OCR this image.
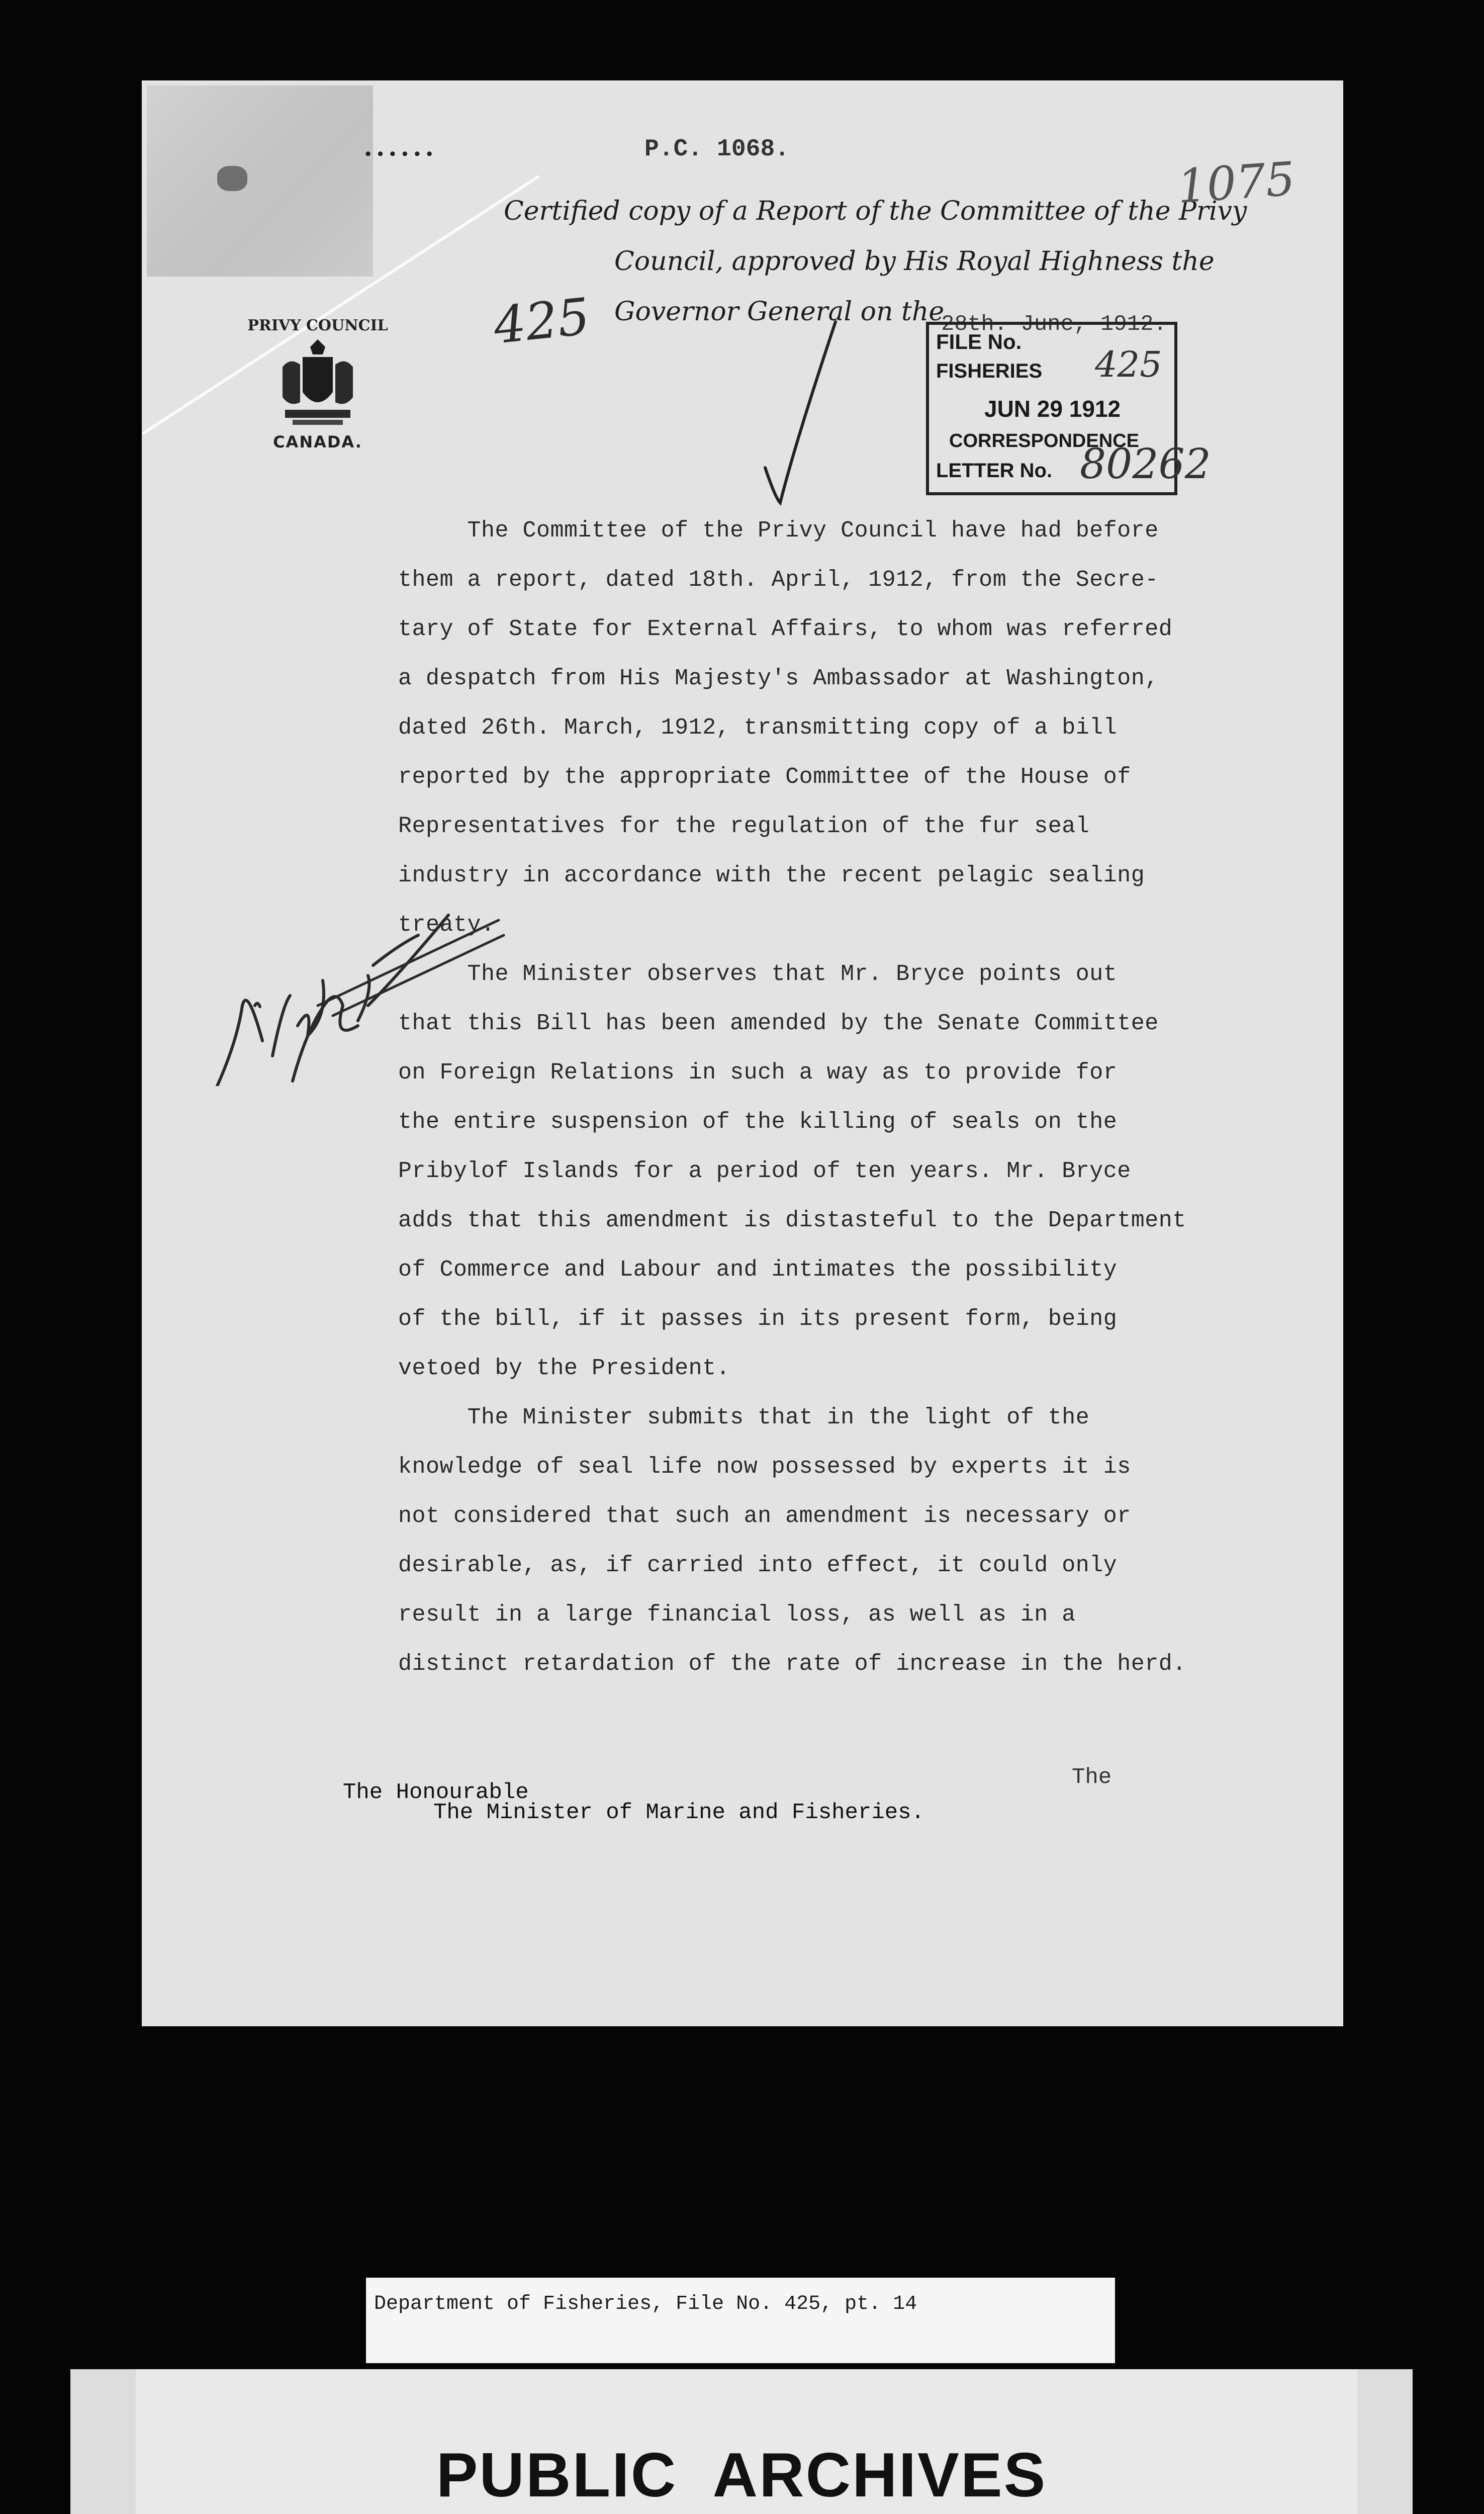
••••••	P.C. 1068.
Certified copy of a Report of the Committee of the Privy
Council, approved by His Royal Highness the
Governor General on the
28th. June, 1912.
425
1075
PRIVY COUNCIL
CANADA.
FILE No.
FISHERIES 425
JUN 29 1912
CORRESPONDENCE
LETTER No. 80262
The Committee of the Privy Council have had before
them a report, dated 18th. April, 1912, from the Secre-
tary of State for External Affairs, to whom was referred
a despatch from His Majesty's Ambassador at Washington,
dated 26th. March, 1912, transmitting copy of a bill
reported by the appropriate Committee of the House of
Representatives for the regulation of the fur seal
industry in accordance with the recent pelagic sealing
treaty.
The Minister observes that Mr. Bryce points out
that this Bill has been amended by the Senate Committee
on Foreign Relations in such a way as to provide for
the entire suspension of the killing of seals on the
Pribylof Islands for a period of ten years. Mr. Bryce
adds that this amendment is distasteful to the Department
of Commerce and Labour and intimates the possibility
of the bill, if it passes in its present form, being
vetoed by the President.
The Minister submits that in the light of the
knowledge of seal life now possessed by experts it is
not considered that such an amendment is necessary or
desirable, as, if carried into effect, it could only
result in a large financial loss, as well as in a
distinct retardation of the rate of increase in the herd.
The
The Honourable
The Minister of Marine and Fisheries.
Department of Fisheries, File No. 425, pt. 14
PUBLIC  ARCHIVES
